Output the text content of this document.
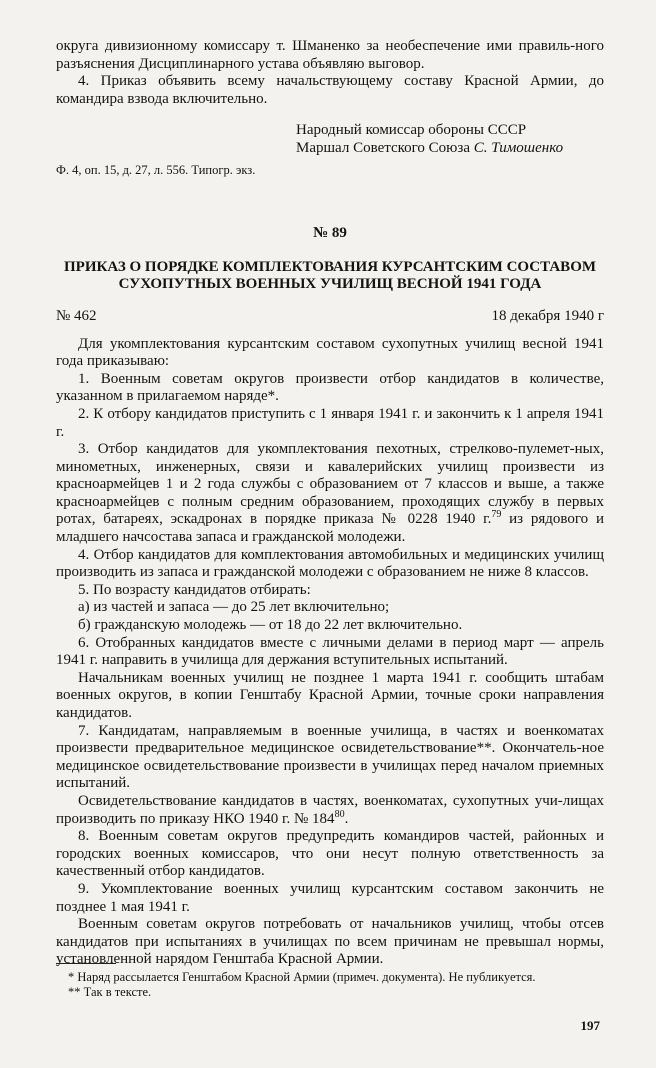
округа дивизионному комиссару т. Шманенко за необеспечение ими правиль-ного разъяснения Дисциплинарного устава объявляю выговор.

4. Приказ объявить всему начальствующему составу Красной Армии, до командира взвода включительно.

Народный комиссар обороны СССР

Маршал Советского Союза С. Тимошенко

Ф. 4, оп. 15, д. 27, л. 556. Типогр. экз.

№ 89

ПРИКАЗ О ПОРЯДКЕ КОМПЛЕКТОВАНИЯ КУРСАНТСКИМ СОСТАВОМ

СУХОПУТНЫХ ВОЕННЫХ УЧИЛИЩ ВЕСНОЙ 1941 ГОДА

№ 462	18 декабря 1940 г

Для укомплектования курсантским составом сухопутных училищ весной 1941 года приказываю:

1. Военным советам округов произвести отбор кандидатов в количестве, указанном в прилагаемом наряде*.

2. К отбору кандидатов приступить с 1 января 1941 г. и закончить к 1 апреля 1941 г.

3. Отбор кандидатов для укомплектования пехотных, стрелково-пулемет-ных, минометных, инженерных, связи и кавалерийских училищ произвести из красноармейцев 1 и 2 года службы с образованием от 7 классов и выше, а также красноармейцев с полным средним образованием, проходящих службу в первых ротах, батареях, эскадронах в порядке приказа № 0228 1940 г.$^{79}$ из рядового и младшего начсостава запаса и гражданской молодежи.

4. Отбор кандидатов для комплектования автомобильных и медицинских училищ производить из запаса и гражданской молодежи с образованием не ниже 8 классов.

5. По возрасту кандидатов отбирать:

а) из частей и запаса — до 25 лет включительно;

б) гражданскую молодежь — от 18 до 22 лет включительно.

6. Отобранных кандидатов вместе с личными делами в период март — апрель 1941 г. направить в училища для держания вступительных испытаний.

Начальникам военных училищ не позднее 1 марта 1941 г. сообщить штабам военных округов, в копии Генштабу Красной Армии, точные сроки направления кандидатов.

7. Кандидатам, направляемым в военные училища, в частях и военкоматах произвести предварительное медицинское освидетельствование**. Окончатель-ное медицинское освидетельствование произвести в училищах перед началом приемных испытаний.

Освидетельствование кандидатов в частях, военкоматах, сухопутных учи-лищах производить по приказу НКО 1940 г. № $184^{80}$.

8. Военным советам округов предупредить командиров частей, районных и городских военных комиссаров, что они несут полную ответственность за качественный отбор кандидатов.

9. Укомплектование военных училищ курсантским составом закончить не позднее 1 мая 1941 г.

Военным советам округов потребовать от начальников училищ, чтобы отсев кандидатов при испытаниях в училищах по всем причинам не превышал нормы, установленной нарядом Генштаба Красной Армии.

* Наряд рассылается Генштабом Красной Армии (примеч. документа). Не публикуется.

** Так в тексте.

197
